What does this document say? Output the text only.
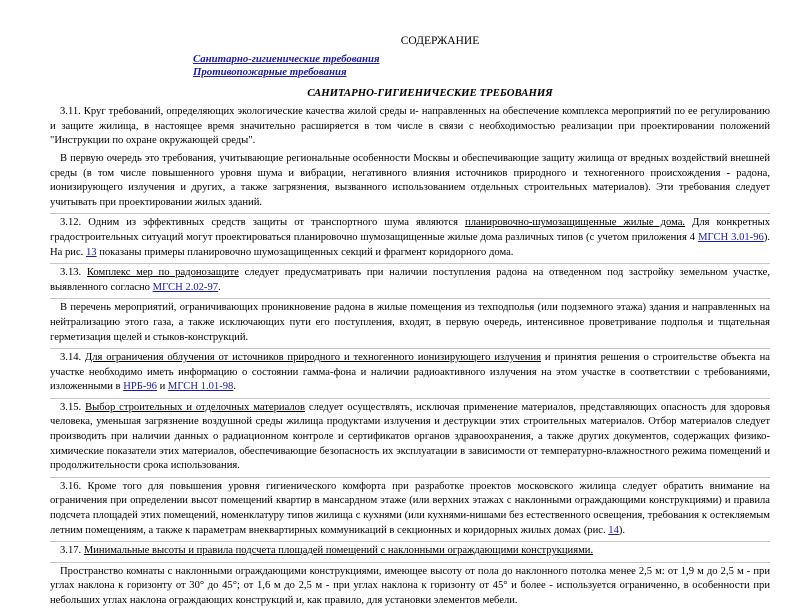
СОДЕРЖАНИЕ
Санитарно-гигиенические требования
Противопожарные требования
САНИТАРНО-ГИГИЕНИЧЕСКИЕ ТРЕБОВАНИЯ

3.11. Круг требований, определяющих экологические качества жилой среды и- направленных на обеспечение комплекса мероприятий по ее регулированию и защите жилища, в настоящее время значительно расширяется в том числе в связи с необходимостью реализации при проектировании положений "Инструкции по охране окружающей среды".

В первую очередь это требования, учитывающие региональные особенности Москвы и обеспечивающие защиту жилища от вредных воздействий внешней среды (в том числе повышенного уровня шума и вибрации, негативного влияния источников природного и техногенного происхождения - радона, ионизирующего излучения и других, а также загрязнения, вызванного использованием отдельных строительных материалов). Эти требования следует учитывать при проектировании жилых зданий.

3.12. Одним из эффективных средств защиты от транспортного шума являются планировочно-шумозащищенные жилые дома. Для конкретных градостроительных ситуаций могут проектироваться планировочно шумозащищенные жилые дома различных типов (с учетом приложения 4 МГСН 3.01-96). На рис. 13 показаны примеры планировочно шумозащищенных секций и фрагмент коридорного дома.

3.13. Комплекс мер по радонозащите следует предусматривать при наличии поступления радона на отведенном под застройку земельном участке, выявленного согласно МГСН 2.02-97.

В перечень мероприятий, ограничивающих проникновение радона в жилые помещения из техподполья (или подземного этажа) здания и направленных на нейтрализацию этого газа, а также исключающих пути его поступления, входят, в первую очередь, интенсивное проветривание подполья и тщательная герметизация щелей и стыков-конструкций.

3.14. Для ограничения облучения от источников природного и техногенного ионизирующего излучения и принятия решения о строительстве объекта на участке необходимо иметь информацию о состоянии гамма-фона и наличии радиоактивного излучения на этом участке в соответствии с требованиями, изложенными в НРБ-96 и МГСН 1.01-98.

3.15. Выбор строительных и отделочных материалов следует осуществлять, исключая применение материалов, представляющих опасность для здоровья человека, уменьшая загрязнение воздушной среды жилища продуктами излучения и деструкции этих строительных материалов. Отбор материалов следует производить при наличии данных о радиационном контроле и сертификатов органов здравоохранения, а также других документов, содержащих физико-химические показатели этих материалов, обеспечивающие безопасность их эксплуатации в зависимости от температурно-влажностного режима помещений и продолжительности срока использования.

3.16. Кроме того для повышения уровня гигиенического комфорта при разработке проектов московского жилища следует обратить внимание на ограничения при определении высот помещений квартир в мансардном этаже (или верхних этажах с наклонными ограждающими конструкциями) и правила подсчета площадей этих помещений, номенклатуру типов жилища с кухнями (или кухнями-нишами без естественного освещения, требования к остекляемым летним помещениям, а также к параметрам внеквартирных коммуникаций в секционных и коридорных жилых домах (рис. 14).

3.17. Минимальные высоты и правила подсчета площадей помещений с наклонными ограждающими конструкциями.

Пространство комнаты с наклонными ограждающими конструкциями, имеющее высоту от пола до наклонного потолка менее 2,5 м: от 1,9 м до 2,5 м - при углах наклона к горизонту от 30° до 45°; от 1,6 м до 2,5 м - при углах наклона к горизонту от 45° и более - используется ограниченно, в особенности при небольших углах наклона ограждающих конструкций и, как правило, для установки элементов мебели.
